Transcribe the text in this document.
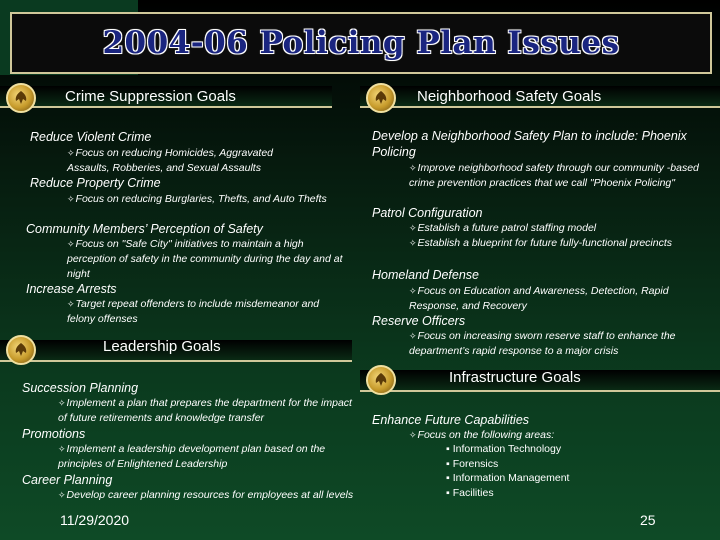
2004-06 Policing Plan Issues
Crime Suppression Goals	Neighborhood Safety Goals
Reduce Violent Crime
✧ Focus on reducing Homicides, Aggravated Assaults, Robberies, and Sexual Assaults
Reduce Property Crime
✧ Focus on reducing Burglaries, Thefts, and Auto Thefts
Community Members’ Perception of Safety
✧ Focus on "Safe City" initiatives to maintain a high perception of safety in the community during the day and at night
Increase Arrests
✧ Target repeat offenders to include misdemeanor and felony offenses
Leadership Goals
Succession Planning
✧ Implement a plan that prepares the department for the impact of future retirements and knowledge transfer
Promotions
✧ Implement a leadership development plan based on the principles of Enlightened Leadership
Career Planning
✧ Develop career planning resources for employees at all levels
Develop a Neighborhood Safety Plan to include: Phoenix Policing
✧ Improve neighborhood safety through our community -based crime prevention practices that we call "Phoenix Policing"
Patrol Configuration
✧ Establish a future patrol staffing model
✧ Establish a blueprint for future fully-functional precincts
Homeland Defense
✧ Focus on Education and Awareness, Detection, Rapid Response, and Recovery
Reserve Officers
✧ Focus on increasing sworn reserve staff to enhance the department’s rapid response to a major crisis
Infrastructure Goals
Enhance Future Capabilities
✧ Focus on the following areas:
▪ Information Technology
▪ Forensics
▪ Information Management
▪ Facilities
11/29/2020	25
